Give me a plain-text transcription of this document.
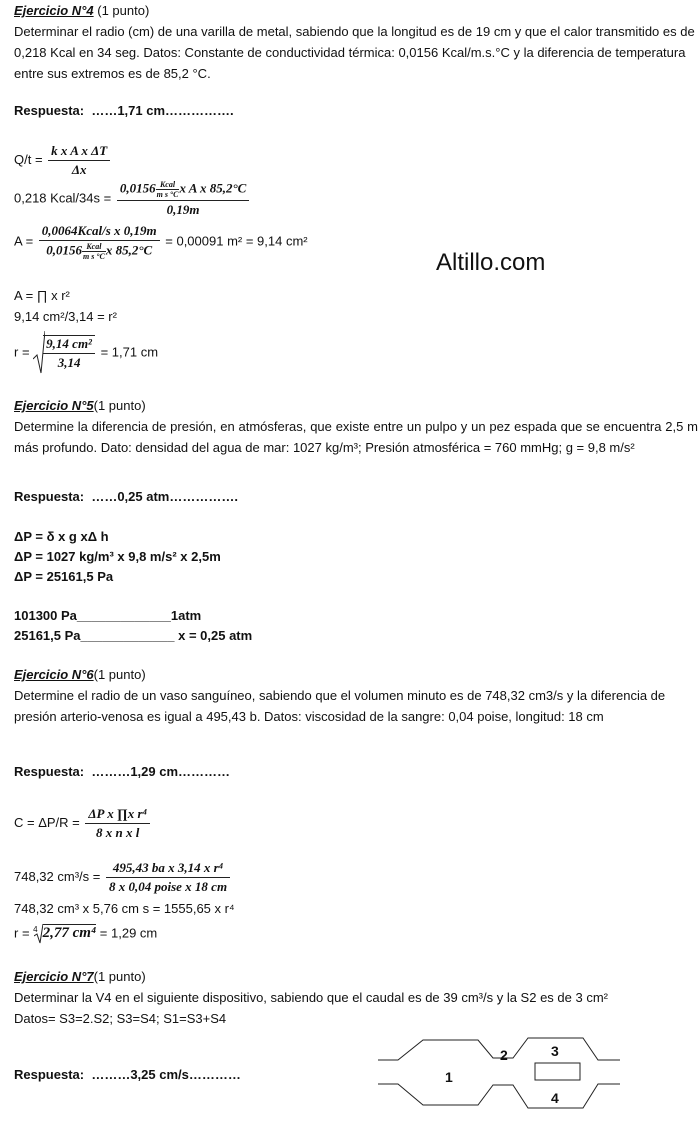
Altillo.com

Ejercicio N°4 (1 punto)

Determinar el radio (cm) de una varilla de metal, sabiendo que la longitud es de 19 cm y que el calor transmitido es de 0,218 Kcal en 34 seg. Datos: Constante de conductividad térmica: 0,0156 Kcal/m.s.°C y la diferencia de temperatura entre sus extremos es de 85,2 °C.

Respuesta: ……1,71 cm…………….
$Q/t = \frac{\text{k x A x ΔT}}{\Delta x}$
0,218 Kcal/34s = $\frac{0,0156 \frac{\text{Kcal}}{\text{m s °C}} x A x 85,2^\circ C}{0,19m}$
$A = \frac{\text{0,0064Kcal/s x 0,19m}}{0,0156 \frac{\text{Kcal}}{\text{m s °C}} x 85,2^\circ C} = 0,00091$ m² = 9,14 cm²
A = ∏ x r²
9,14 cm²/3,14 = r²
$r = \frac{\text{9,14 cm²}}{3,14} = 1,71$ cm

Ejercicio N°5(1 punto)

Determine la diferencia de presión, en atmósferas, que existe entre un pulpo y un pez espada que se encuentra 2,5 m más profundo. Dato: densidad del agua de mar: 1027 kg/m³; Presión atmosférica = 760 mmHg; g = 9,8 m/s²

Respuesta: ……0,25 atm…………….
ΔP = δ x g xΔ h
ΔP = 1027 kg/m³ x 9,8 m/s² x 2,5m
ΔP = 25161,5 Pa
101300 Pa_____________1atm
25161,5 Pa_____________ x = 0,25 atm

Ejercicio N°6(1 punto)

Determine el radio de un vaso sanguíneo, sabiendo que el volumen minuto es de 748,32 cm3/s y la diferencia de presión arterio-venosa es igual a 495,43 b. Datos: viscosidad de la sangre: 0,04 poise, longitud: 18 cm

Respuesta: ………1,29 cm…………
$C = \Delta P/R = \frac{\text{ΔP x ∏x r⁴}}{\text{8 x n x l}}$
748,32 $cm^3/s = \frac{\text{495,43 ba x 3,14 x r⁴}}{\text{8 x 0,04 poise x 18 cm}}$
748,32 cm³ x 5,76 cm s = 1555,65 x r⁴
r = $^4$ 2,77 cm⁴ = 1,29 cm

Ejercicio N°7(1 punto)

Determinar la V4 en el siguiente dispositivo, sabiendo que el caudal es de 39 cm³/s y la S2 es de 3 cm²

Datos= S3=2.S2; S3=S4; S1=S3+S4

Respuesta: ………3,25 cm/s…………	1
2	3
4
